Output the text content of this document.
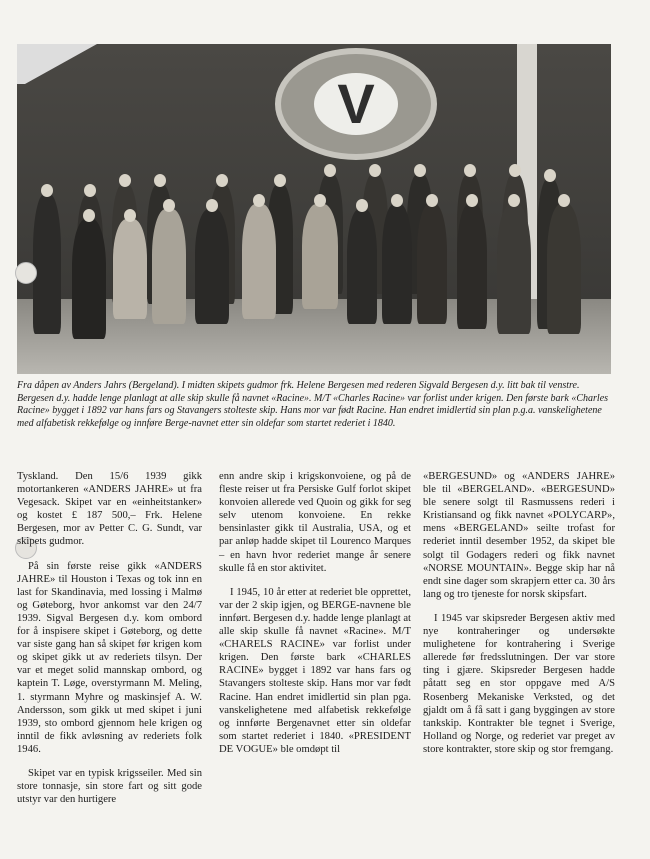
V

Fra dåpen av Anders Jahrs (Bergeland). I midten skipets gudmor frk. Helene Bergesen med rederen Sigvald Bergesen d.y. litt bak til venstre.

Bergesen d.y. hadde lenge planlagt at alle skip skulle få navnet «Racine». M/T «Charles Racine» var forlist under krigen. Den første bark «Charles Racine» bygget i 1892 var hans fars og Stavangers stolteste skip. Hans mor var født Racine. Han endret imidlertid sin plan p.g.a. vanskelighetene med alfabetisk rekkefølge og innføre Berge-navnet etter sin oldefar som startet rederiet i 1840.

Tyskland. Den 15/6 1939 gikk motortankeren «ANDERS JAHRE» ut fra Vegesack. Skipet var en «einheitstanker» og kostet £ 187 500,– Frk. Helene Bergesen, mor av Petter C. G. Sundt, var skipets gudmor.

På sin første reise gikk «ANDERS JAHRE» til Houston i Texas og tok inn en last for Skandinavia, med lossing i Malmø og Gøteborg, hvor ankomst var den 24/7 1939. Sigval Bergesen d.y. kom ombord for å inspisere skipet i Gøteborg, og dette var siste gang han så skipet før krigen kom og skipet gikk ut av rederiets tilsyn. Der var et meget solid mannskap ombord, og kaptein T. Løge, overstyrmann M. Meling, 1. styrmann Myhre og maskinsjef A. W. Andersson, som gikk ut med skipet i juni 1939, sto ombord gjennom hele krigen og inntil de fikk avløsning av rederiets folk 1946.

Skipet var en typisk krigsseiler. Med sin store tonnasje, sin store fart og sitt gode utstyr var den hurtigere

enn andre skip i krigskonvoiene, og på de fleste reiser ut fra Persiske Gulf forlot skipet konvoien allerede ved Quoin og gikk for seg selv utenom konvoiene. En rekke bensinlaster gikk til Australia, USA, og et par anløp hadde skipet til Lourenco Marques – en havn hvor rederiet mange år senere skulle få en stor aktivitet.

I 1945, 10 år etter at rederiet ble opprettet, var der 2 skip igjen, og BERGE-navnene ble innført. Bergesen d.y. hadde lenge planlagt at alle skip skulle få navnet «Racine». M/T «CHARELS RACINE» var forlist under krigen. Den første bark «CHARLES RACINE» bygget i 1892 var hans fars og Stavangers stolteste skip. Hans mor var født Racine. Han endret imidlertid sin plan pga. vanskelighetene med alfabetisk rekkefølge og innførte Bergenavnet etter sin oldefar som startet rederiet i 1840. «PRESIDENT DE VOGUE» ble omdøpt til

«BERGESUND» og «ANDERS JAHRE» ble til «BERGELAND». «BERGESUND» ble senere solgt til Rasmussens rederi i Kristiansand og fikk navnet «POLYCARP», mens «BERGELAND» seilte trofast for rederiet inntil desember 1952, da skipet ble solgt til Godagers rederi og fikk navnet «NORSE MOUNTAIN». Begge skip har nå endt sine dager som skrapjern etter ca. 30 års lang og tro tjeneste for norsk skipsfart.

I 1945 var skipsreder Bergesen aktiv med nye kontraheringer og undersøkte mulighetene for kontrahering i Sverige allerede før fredsslutningen. Der var store ting i gjære. Skipsreder Bergesen hadde påtatt seg en stor oppgave med A/S Rosenberg Mekaniske Verksted, og det gjaldt om å få satt i gang byggingen av store tankskip. Kontrakter ble tegnet i Sverige, Holland og Norge, og rederiet var preget av store kontrakter, store skip og stor fremgang.
